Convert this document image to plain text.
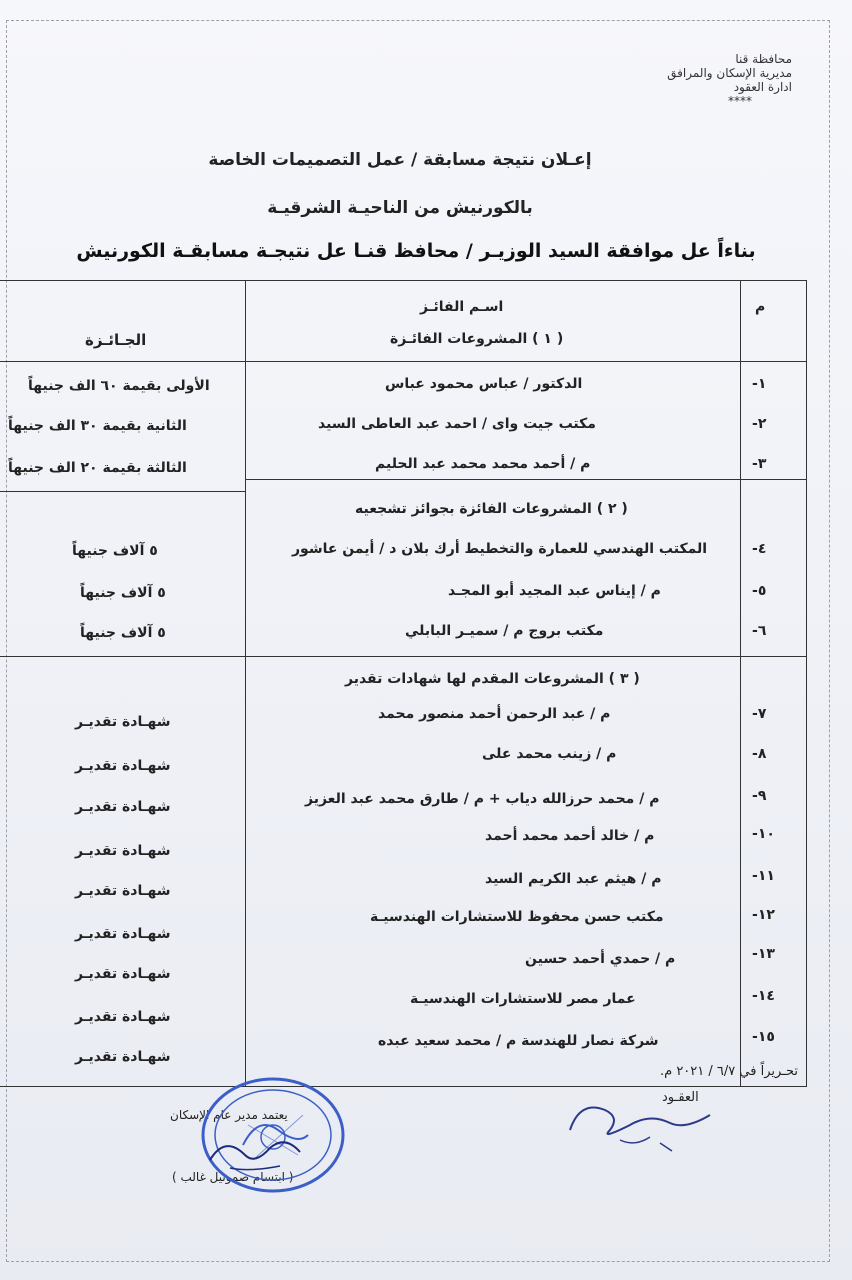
محافظة قنا
مديرية الإسكان والمرافق
ادارة العقود
****
إعـلان نتيجة مسابقة / عمل التصميمات الخاصة
بالكورنيش من الناحيـة الشرقيـة
بناءاً عل موافقة السيد الوزيـر / محافظ قنـا عل نتيجـة مسابقـة الكورنيش
م
اسـم الفائـز
الجـائـزة	( ١ ) المشروعات الفائـزة
١-
الدكتور / عباس محمود عباس
الأولى بقيمة ٦٠ الف جنيهاً
٢-
مكتب جيت واى / احمد عبد العاطى السيد
الثانية بقيمة ٣٠ الف جنيهاً
٣-
م / أحمد محمد محمد عبد الحليم
الثالثة بقيمة ٢٠ الف جنيهاً
( ٢ ) المشروعات الفائزة بجوائز تشجعيه
٤-
المكتب الهندسي للعمارة والتخطيط أرك بلان د / أيمن عاشور
٥ آلاف جنيهاً
٥-
م / إيناس عبد المجيد أبو المجـد
٥ آلاف جنيهاً
٦-
مكتب بروج م / سميـر البابلي
٥ آلاف جنيهاً
( ٣ ) المشروعات المقدم لها شهادات تقدير
٧-
م / عبد الرحمن أحمد منصور محمد
شهـادة تقديـر
٨-
م / زينب محمد على
شهـادة تقديـر
٩-
م / محمد حرزالله دياب + م / طارق محمد عبد العزيز
شهـادة تقديـر
١٠-
م / خالد أحمد محمد أحمد
شهـادة تقديـر
١١-
م / هيثم عبد الكريم السيد
شهـادة تقديـر
١٢-
مكتب حسن محفوظ للاستشارات الهندسيـة
شهـادة تقديـر
١٣-
م / حمدي أحمد حسين
شهـادة تقديـر
١٤-
عمار مصر للاستشارات الهندسيـة
شهـادة تقديـر
١٥-
شركة نصار للهندسة م / محمد سعيد عبده
شهـادة تقديـر
تحـريراً في ٦/٧ / ٢٠٢١ م.
العقـود
يعتمد مدير عام الإسكان
( ابتسام صموئيل غالب )
